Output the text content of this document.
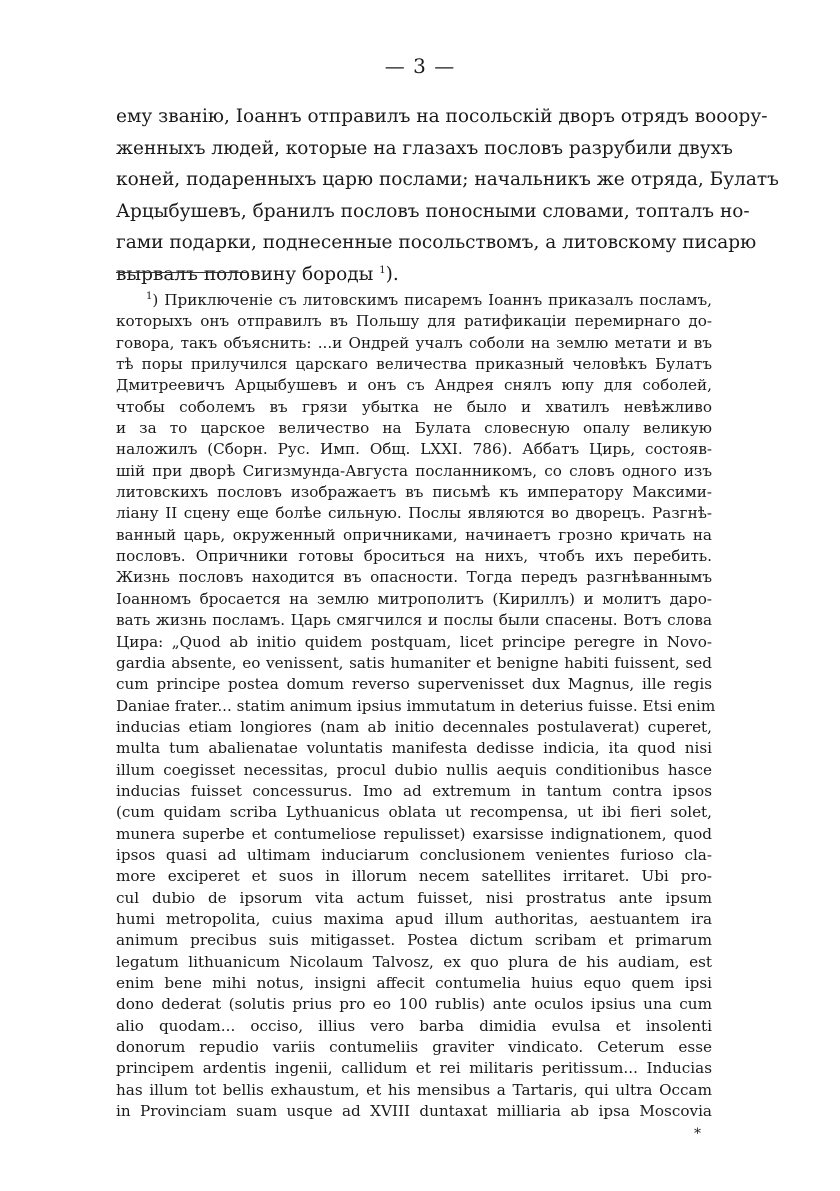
— 3 —
ему званію, Іоаннъ отправилъ на посольскій дворъ отрядъ вооору-
женныхъ людей, которые на глазахъ пословъ разрубили двухъ
коней, подаренныхъ царю послами; начальникъ же отряда, Булатъ
Арцыбушевъ, бранилъ пословъ поносными словами, топталъ но-
гами подарки, поднесенные посольствомъ, а литовскому писарю
вырвалъ половину бороды $^1$).
$^1$) Приключеніе съ литовскимъ писаремъ Іоаннъ приказалъ посламъ,
которыхъ онъ отправилъ въ Польшу для ратификаціи перемирнаго до-
говора, такъ объяснить: ...и Ондрей учалъ соболи на землю метати и въ
тѣ поры прилучился царскаго величества приказный человѣкъ Булатъ
Дмитреевичъ Арцыбушевъ и онъ съ Андрея снялъ юпу для соболей,
чтобы соболемъ въ грязи убытка не было и хватилъ невѣжливо
и за то царское величество на Булата словесную опалу великую
наложилъ (Сборн. Рус. Имп. Общ. LXXI. 786). Аббатъ Цирь, состояв-
шій при дворѣ Сигизмунда-Августа посланникомъ, со словъ одного изъ
литовскихъ пословъ изображаетъ въ письмѣ къ императору Максими-
ліану II сцену еще болѣе сильную. Послы являются во дворецъ. Разгнѣ-
ванный царь, окруженный опричниками, начинаетъ грозно кричать на
пословъ. Опричники готовы броситься на нихъ, чтобъ ихъ перебить.
Жизнь пословъ находится въ опасности. Тогда передъ разгнѣваннымъ
Іоанномъ бросается на землю митрополитъ (Кириллъ) и молитъ даро-
вать жизнь посламъ. Царь смягчился и послы были спасены. Вотъ слова
Цира: „Quod ab initio quidem postquam, licet principe peregre in Novo-
gardia absente, eo venissent, satis humaniter et benigne habiti fuissent, sed
cum principe postea domum reverso supervenisset dux Magnus, ille regis
Daniae frater... statim animum ipsius immutatum in deterius fuisse. Etsi enim
inducias etiam longiores (nam ab initio decennales postulaverat) cuperet,
multa tum abalienatae voluntatis manifesta dedisse indicia, ita quod nisi
illum coegisset necessitas, procul dubio nullis aequis conditionibus hasce
inducias fuisset concessurus. Imo ad extremum in tantum contra ipsos
(cum quidam scriba Lythuanicus oblata ut recompensa, ut ibi fieri solet,
munera superbe et contumeliose repulisset) exarsisse indignationem, quod
ipsos quasi ad ultimam induciarum conclusionem venientes furioso cla-
more exciperet et suos in illorum necem satellites irritaret. Ubi pro-
cul dubio de ipsorum vita actum fuisset, nisi prostratus ante ipsum
humi metropolita, cuius maxima apud illum authoritas, aestuantem ira
animum precibus suis mitigasset. Postea dictum scribam et primarum
legatum lithuanicum Nicolaum Talvosz, ex quo plura de his audiam, est
enim bene mihi notus, insigni affecit contumelia huius equo quem ipsi
dono dederat (solutis prius pro eo 100 rublis) ante oculos ipsius una cum
alio quodam... occiso, illius vero barba dimidia evulsa et insolenti
donorum repudio variis contumeliis graviter vindicato. Ceterum esse
principem ardentis ingenii, callidum et rei militaris peritissum... Inducias
has illum tot bellis exhaustum, et his mensibus a Tartaris, qui ultra Occam
in Provinciam suam usque ad XVIII duntaxat milliaria ab ipsa Moscovia
*
